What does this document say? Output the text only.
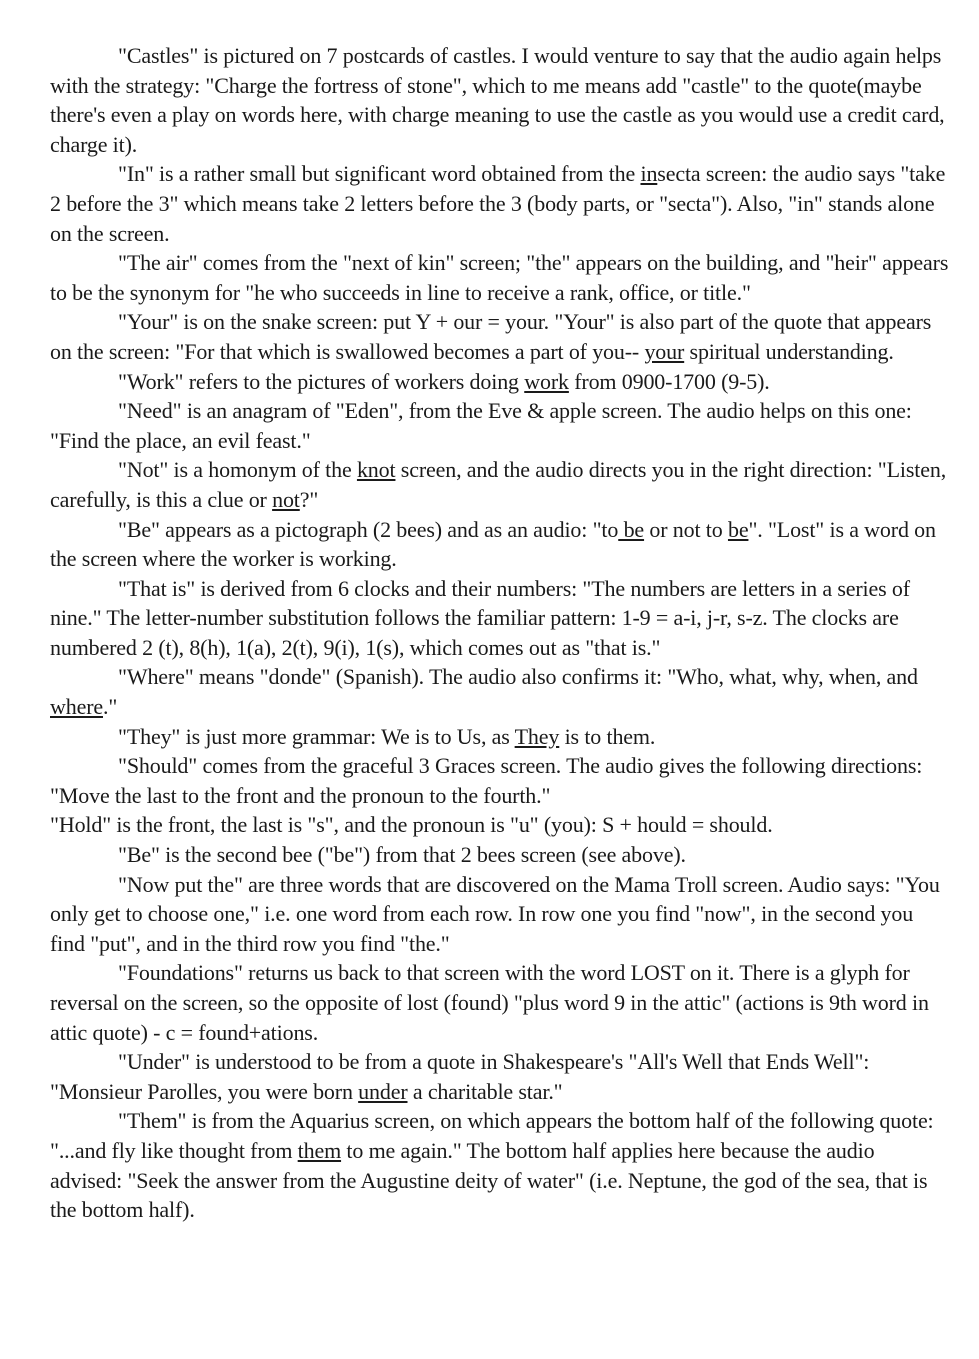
"Castles" is pictured on 7 postcards of castles. I would venture to say that the audio again helps with the strategy: "Charge the fortress of stone", which to me means add "castle" to the quote(maybe there's even a play on words here, with charge meaning to use the castle as you would use a credit card, charge it).

"In" is a rather small but significant word obtained from the insecta screen: the audio says "take 2 before the 3" which means take 2 letters before the 3 (body parts, or "secta"). Also, "in" stands alone on the screen.

"The air" comes from the "next of kin" screen; "the" appears on the building, and "heir" appears to be the synonym for "he who succeeds in line to receive a rank, office, or title."

"Your" is on the snake screen: put Y + our = your. "Your" is also part of the quote that appears on the screen: "For that which is swallowed becomes a part of you-- your spiritual understanding.

"Work" refers to the pictures of workers doing work from 0900-1700 (9-5).

"Need" is an anagram of "Eden", from the Eve & apple screen. The audio helps on this one: "Find the place, an evil feast."

"Not" is a homonym of the knot screen, and the audio directs you in the right direction: "Listen, carefully, is this a clue or not?"

"Be" appears as a pictograph (2 bees) and as an audio: "to be or not to be". "Lost" is a word on the screen where the worker is working.

"That is" is derived from 6 clocks and their numbers: "The numbers are letters in a series of nine." The letter-number substitution follows the familiar pattern: 1-9 = a-i, j-r, s-z. The clocks are numbered 2 (t), 8(h), 1(a), 2(t), 9(i), 1(s), which comes out as "that is."

"Where" means "donde" (Spanish). The audio also confirms it: "Who, what, why, when, and where."

"They" is just more grammar: We is to Us, as They is to them.

"Should" comes from the graceful 3 Graces screen. The audio gives the following directions: "Move the last to the front and the pronoun to the fourth."

"Hold" is the front, the last is "s", and the pronoun is "u" (you): S + hould = should.

"Be" is the second bee ("be") from that 2 bees screen (see above).

"Now put the" are three words that are discovered on the Mama Troll screen. Audio says: "You only get to choose one," i.e. one word from each row. In row one you find "now", in the second you find "put", and in the third row you find "the."

"Foundations" returns us back to that screen with the word LOST on it. There is a glyph for reversal on the screen, so the opposite of lost (found) "plus word 9 in the attic" (actions is 9th word in attic quote) - c = found+ations.

"Under" is understood to be from a quote in Shakespeare's "All's Well that Ends Well": "Monsieur Parolles, you were born under a charitable star."

"Them" is from the Aquarius screen, on which appears the bottom half of the following quote: "...and fly like thought from them to me again." The bottom half applies here because the audio advised: "Seek the answer from the Augustine deity of water" (i.e. Neptune, the god of the sea, that is the bottom half).
